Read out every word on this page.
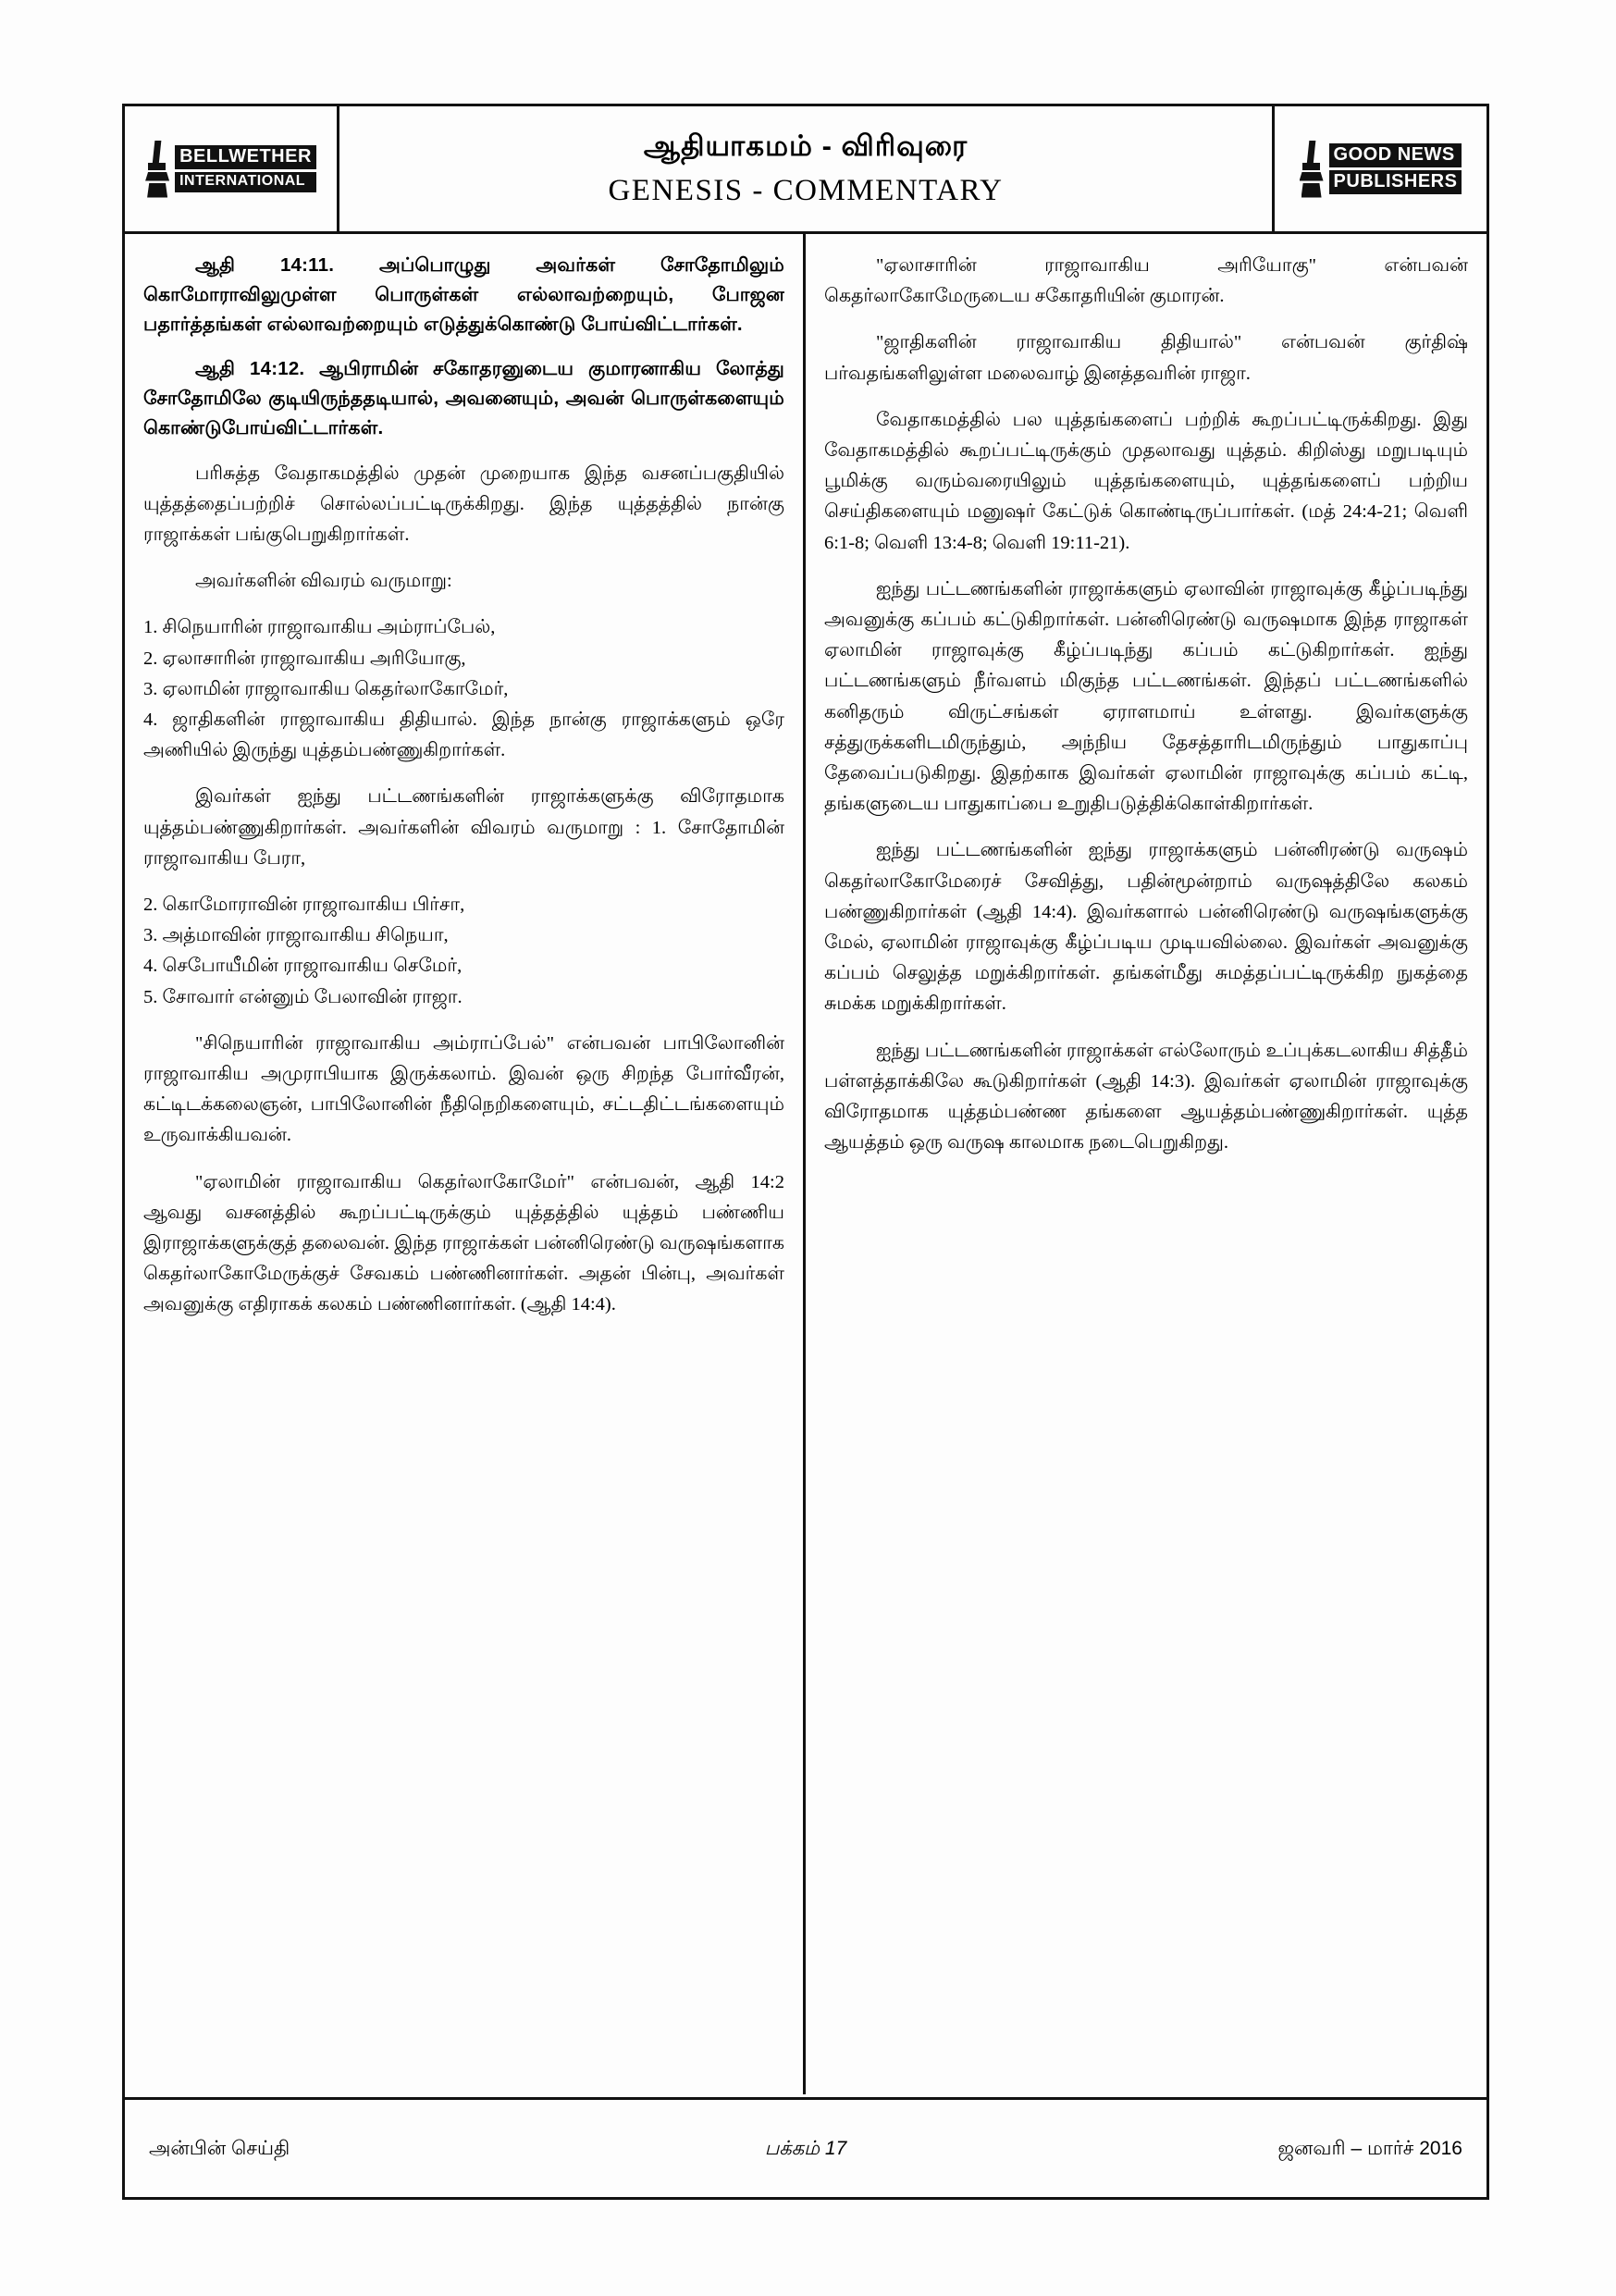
BELLWETHER
INTERNATIONAL
ஆதியாகமம் - விரிவுரை
GENESIS - COMMENTARY
GOOD NEWS
PUBLISHERS

ஆதி 14:11. அப்பொழுது அவர்கள் சோதோமிலும் கொமோராவிலுமுள்ள பொருள்கள் எல்லாவற்றையும், போஜன பதார்த்தங்கள் எல்லாவற்றையும் எடுத்துக்கொண்டு போய்விட்டார்கள்.

ஆதி 14:12. ஆபிராமின் சகோதரனுடைய குமாரனாகிய லோத்து சோதோமிலே குடியிருந்ததடியால், அவனையும், அவன் பொருள்களையும் கொண்டுபோய்விட்டார்கள்.

பரிசுத்த வேதாகமத்தில் முதன் முறையாக இந்த வசனப்பகுதியில் யுத்தத்தைப்பற்றிச் சொல்லப்பட்டிருக்கிறது. இந்த யுத்தத்தில் நான்கு ராஜாக்கள் பங்குபெறுகிறார்கள்.

அவர்களின் விவரம் வருமாறு:

1. சிநெயாரின் ராஜாவாகிய அம்ராப்பேல்,

2. ஏலாசாரின் ராஜாவாகிய அரியோகு,

3. ஏலாமின் ராஜாவாகிய கெதர்லாகோமேர்,

4. ஜாதிகளின் ராஜாவாகிய திதியால். இந்த நான்கு ராஜாக்களும் ஒரே அணியில் இருந்து யுத்தம்பண்ணுகிறார்கள்.

இவர்கள் ஐந்து பட்டணங்களின் ராஜாக்களுக்கு விரோதமாக யுத்தம்பண்ணுகிறார்கள். அவர்களின் விவரம் வருமாறு : 1. சோதோமின் ராஜாவாகிய பேரா,

2. கொமோராவின் ராஜாவாகிய பிர்சா,

3. அத்மாவின் ராஜாவாகிய சிநெயா,

4. செபோயீமின் ராஜாவாகிய செமேர்,

5. சோவார் என்னும் பேலாவின் ராஜா.

"சிநெயாரின் ராஜாவாகிய அம்ராப்பேல்" என்பவன் பாபிலோனின் ராஜாவாகிய அமுராபியாக இருக்கலாம். இவன் ஒரு சிறந்த போர்வீரன், கட்டிடக்கலைஞன், பாபிலோனின் நீதிநெறிகளையும், சட்டதிட்டங்களையும் உருவாக்கியவன்.

"ஏலாமின் ராஜாவாகிய கெதர்லாகோமேர்" என்பவன், ஆதி 14:2 ஆவது வசனத்தில் கூறப்பட்டிருக்கும் யுத்தத்தில் யுத்தம் பண்ணிய இராஜாக்களுக்குத் தலைவன். இந்த ராஜாக்கள் பன்னிரெண்டு வருஷங்களாக கெதர்லாகோமேருக்குச் சேவகம் பண்ணினார்கள். அதன் பின்பு, அவர்கள் அவனுக்கு எதிராகக் கலகம் பண்ணினார்கள். (ஆதி 14:4).

"ஏலாசாரின் ராஜாவாகிய அரியோகு" என்பவன் கெதர்லாகோமேருடைய சகோதரியின் குமாரன்.

"ஜாதிகளின் ராஜாவாகிய திதியால்" என்பவன் குர்திஷ் பர்வதங்களிலுள்ள மலைவாழ் இனத்தவரின் ராஜா.

வேதாகமத்தில் பல யுத்தங்களைப் பற்றிக் கூறப்பட்டிருக்கிறது. இது வேதாகமத்தில் கூறப்பட்டிருக்கும் முதலாவது யுத்தம். கிறிஸ்து மறுபடியும் பூமிக்கு வரும்வரையிலும் யுத்தங்களையும், யுத்தங்களைப் பற்றிய செய்திகளையும் மனுஷர் கேட்டுக் கொண்டிருப்பார்கள். (மத் 24:4-21; வெளி 6:1-8; வெளி 13:4-8; வெளி 19:11-21).

ஐந்து பட்டணங்களின் ராஜாக்களும் ஏலாவின் ராஜாவுக்கு கீழ்ப்படிந்து அவனுக்கு கப்பம் கட்டுகிறார்கள். பன்னிரெண்டு வருஷமாக இந்த ராஜாகள் ஏலாமின் ராஜாவுக்கு கீழ்ப்படிந்து கப்பம் கட்டுகிறார்கள். ஐந்து பட்டணங்களும் நீர்வளம் மிகுந்த பட்டணங்கள். இந்தப் பட்டணங்களில் கனிதரும் விருட்சங்கள் ஏராளமாய் உள்ளது. இவர்களுக்கு சத்துருக்களிடமிருந்தும், அந்நிய தேசத்தாரிடமிருந்தும் பாதுகாப்பு தேவைப்படுகிறது. இதற்காக இவர்கள் ஏலாமின் ராஜாவுக்கு கப்பம் கட்டி, தங்களுடைய பாதுகாப்பை உறுதிபடுத்திக்கொள்கிறார்கள்.

ஐந்து பட்டணங்களின் ஐந்து ராஜாக்களும் பன்னிரண்டு வருஷம் கெதர்லாகோமேரைச் சேவித்து, பதின்மூன்றாம் வருஷத்திலே கலகம் பண்ணுகிறார்கள் (ஆதி 14:4). இவர்களால் பன்னிரெண்டு வருஷங்களுக்கு மேல், ஏலாமின் ராஜாவுக்கு கீழ்ப்படிய முடியவில்லை. இவர்கள் அவனுக்கு கப்பம் செலுத்த மறுக்கிறார்கள். தங்கள்மீது சுமத்தப்பட்டிருக்கிற நுகத்தை சுமக்க மறுக்கிறார்கள்.

ஐந்து பட்டணங்களின் ராஜாக்கள் எல்லோரும் உப்புக்கடலாகிய சித்தீம் பள்ளத்தாக்கிலே கூடுகிறார்கள் (ஆதி 14:3). இவர்கள் ஏலாமின் ராஜாவுக்கு விரோதமாக யுத்தம்பண்ண தங்களை ஆயத்தம்பண்ணுகிறார்கள். யுத்த ஆயத்தம் ஒரு வருஷ காலமாக நடைபெறுகிறது.

அன்பின் செய்தி	பக்கம் 17	ஜனவரி – மார்ச் 2016
